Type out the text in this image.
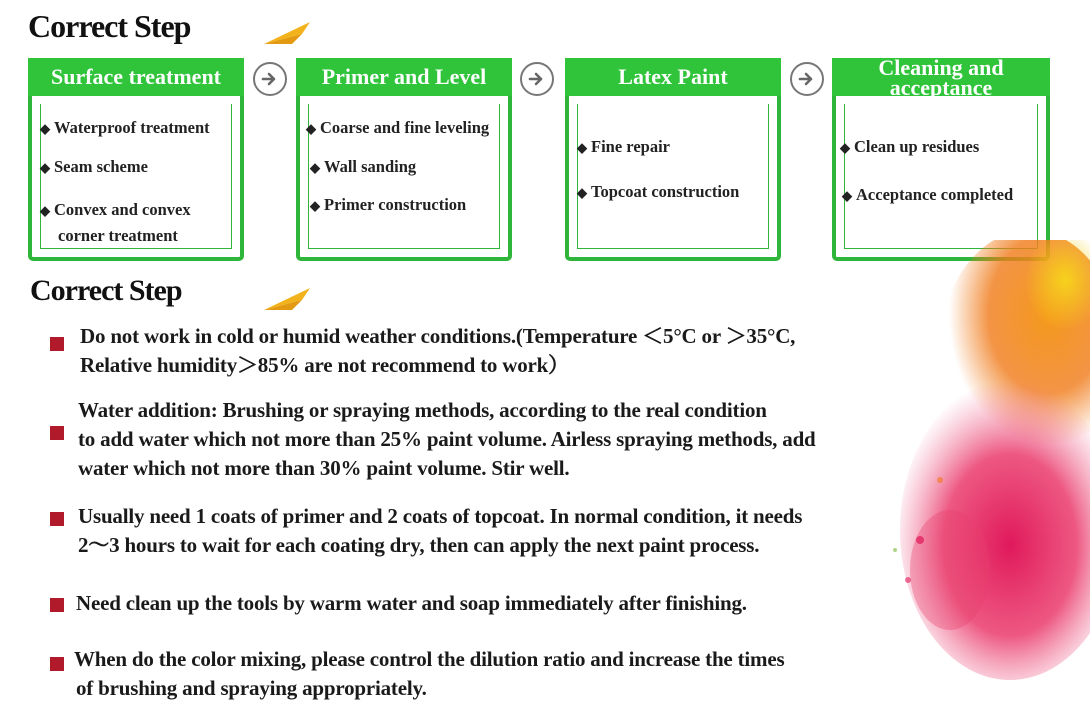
Correct Step
Surface treatment
◆ Waterproof treatment
◆ Seam scheme
◆ Convex and convex
corner treatment
Primer and Level
◆ Coarse and fine leveling
◆ Wall sanding
◆ Primer construction
Latex Paint
◆ Fine repair
◆ Topcoat construction
Cleaning and
acceptance
◆ Clean up residues
◆ Acceptance completed
Correct Step
Do not work in cold or humid weather conditions.(Temperature ＜5°C or ＞35°C,
Relative humidity＞85% are not recommend to work）
Water addition: Brushing or spraying methods, according to the real condition
to add water which not more than 25% paint volume. Airless spraying methods, add
water which not more than 30% paint volume. Stir well.
Usually need 1 coats of primer and 2 coats of topcoat. In normal condition, it needs
2～3 hours to wait for each coating dry, then can apply the next paint process.
Need clean up the tools by warm water and soap immediately after finishing.
When do the color mixing, please control the dilution ratio and increase the times
of brushing and spraying appropriately.
